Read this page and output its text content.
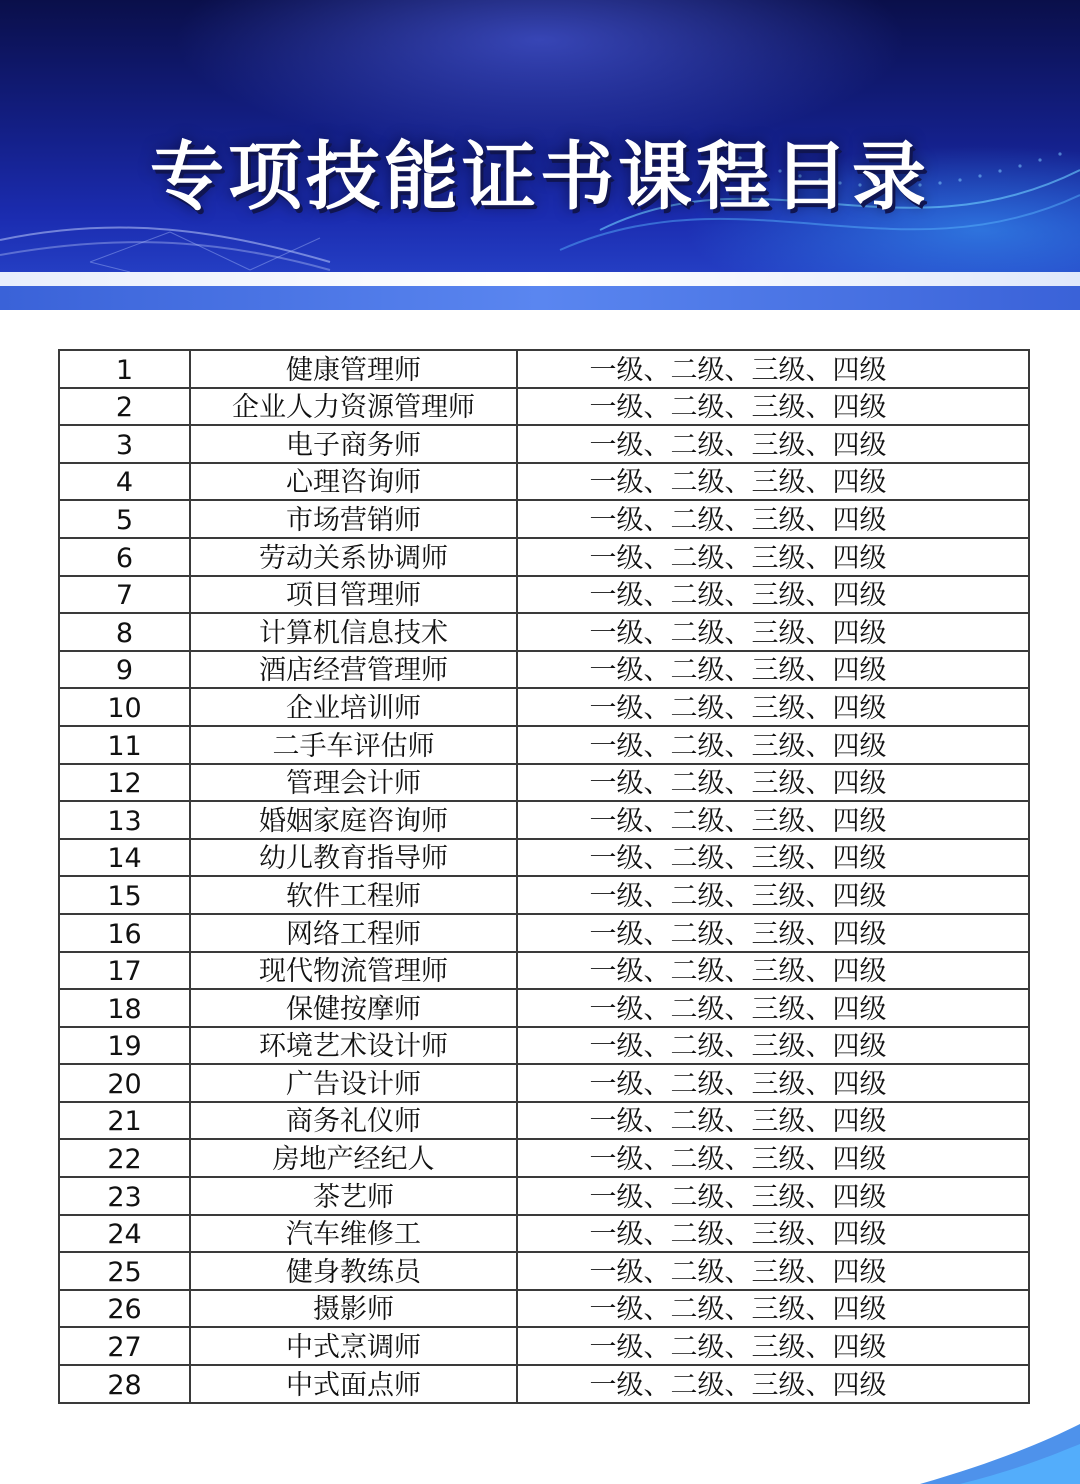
专项技能证书课程目录
1	健康管理师	一级、二级、三级、四级
2	企业人力资源管理师	一级、二级、三级、四级
3	电子商务师	一级、二级、三级、四级
4	心理咨询师	一级、二级、三级、四级
5	市场营销师	一级、二级、三级、四级
6	劳动关系协调师	一级、二级、三级、四级
7	项目管理师	一级、二级、三级、四级
8	计算机信息技术	一级、二级、三级、四级
9	酒店经营管理师	一级、二级、三级、四级
10	企业培训师	一级、二级、三级、四级
11	二手车评估师	一级、二级、三级、四级
12	管理会计师	一级、二级、三级、四级
13	婚姻家庭咨询师	一级、二级、三级、四级
14	幼儿教育指导师	一级、二级、三级、四级
15	软件工程师	一级、二级、三级、四级
16	网络工程师	一级、二级、三级、四级
17	现代物流管理师	一级、二级、三级、四级
18	保健按摩师	一级、二级、三级、四级
19	环境艺术设计师	一级、二级、三级、四级
20	广告设计师	一级、二级、三级、四级
21	商务礼仪师	一级、二级、三级、四级
22	房地产经纪人	一级、二级、三级、四级
23	茶艺师	一级、二级、三级、四级
24	汽车维修工	一级、二级、三级、四级
25	健身教练员	一级、二级、三级、四级
26	摄影师	一级、二级、三级、四级
27	中式烹调师	一级、二级、三级、四级
28	中式面点师	一级、二级、三级、四级
